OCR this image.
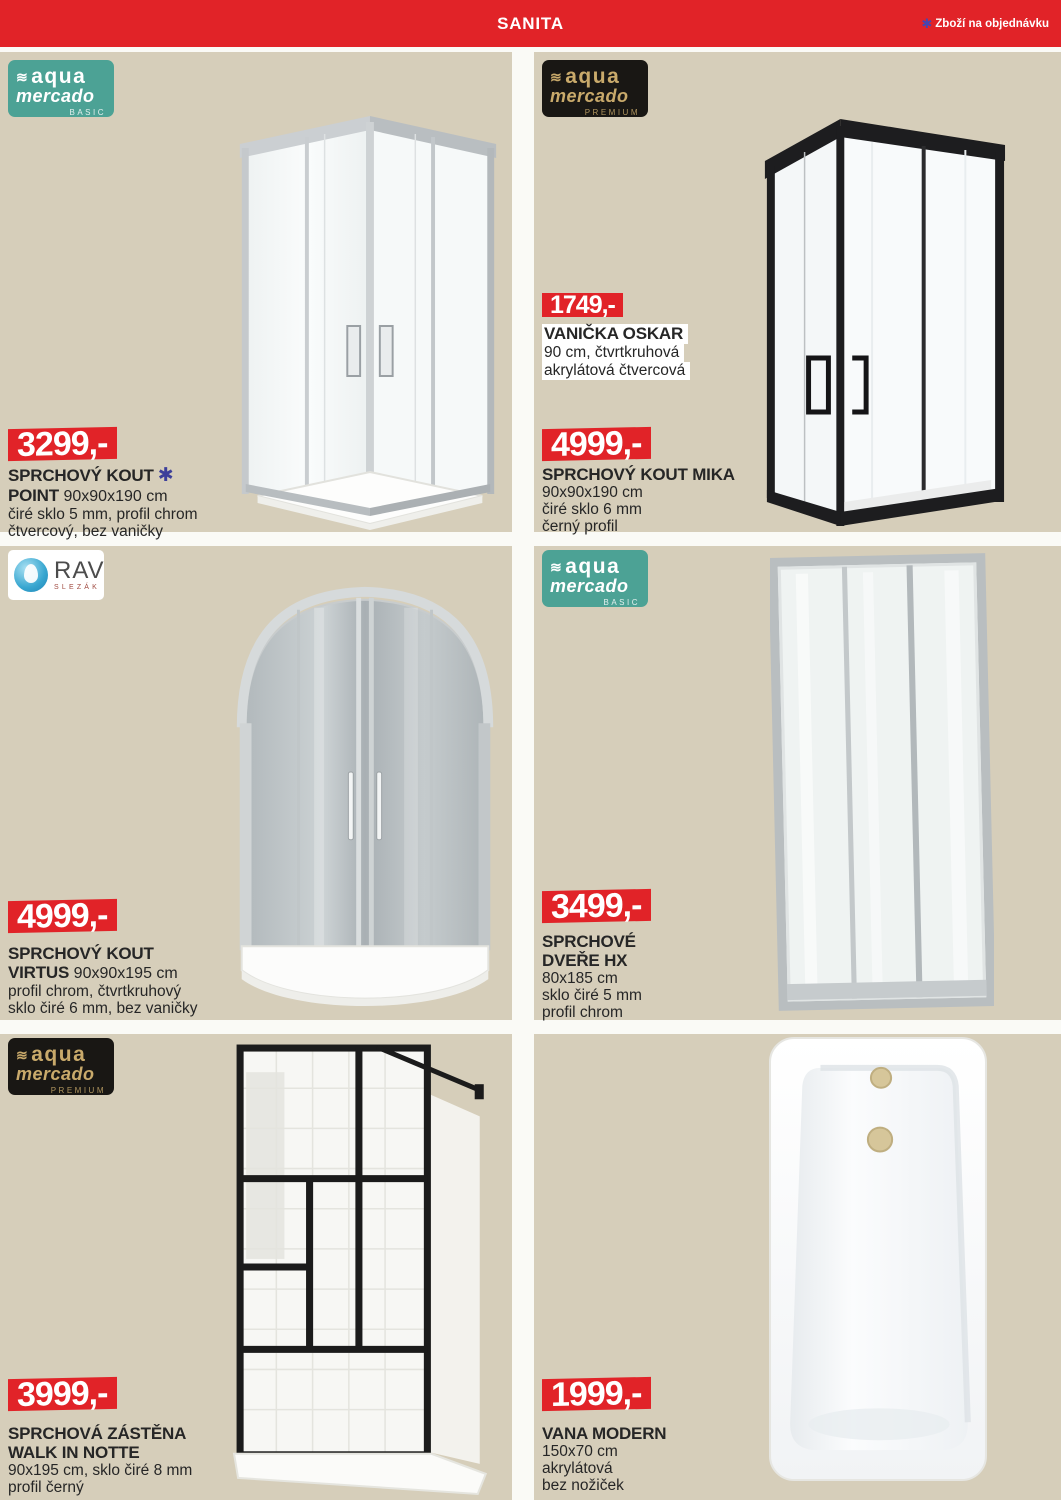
SANITA	✱ Zboží na objednávku
≋ aqua
mercado
BASIC
3299,-
SPRCHOVÝ KOUT ✱
POINT 90x90x190 cm
čiré sklo 5 mm, profil chrom
čtvercový, bez vaničky
≋ aqua
mercado
PREMIUM
1749,-
VANIČKA OSKAR
90 cm, čtvrtkruhová
akrylátová čtvercová
4999,-
SPRCHOVÝ KOUT MIKA
90x90x190 cm
čiré sklo 6 mm
černý profil
RAV
SLEZÁK
4999,-
SPRCHOVÝ KOUT
VIRTUS 90x90x195 cm
profil chrom, čtvrtkruhový
sklo čiré 6 mm, bez vaničky
≋ aqua
mercado
BASIC
3499,-
SPRCHOVÉ
DVEŘE HX
80x185 cm
sklo čiré 5 mm
profil chrom
≋ aqua
mercado
PREMIUM
3999,-
SPRCHOVÁ ZÁSTĚNA
WALK IN NOTTE
90x195 cm, sklo čiré 8 mm
profil černý
1999,-
VANA MODERN
150x70 cm
akrylátová
bez nožiček
